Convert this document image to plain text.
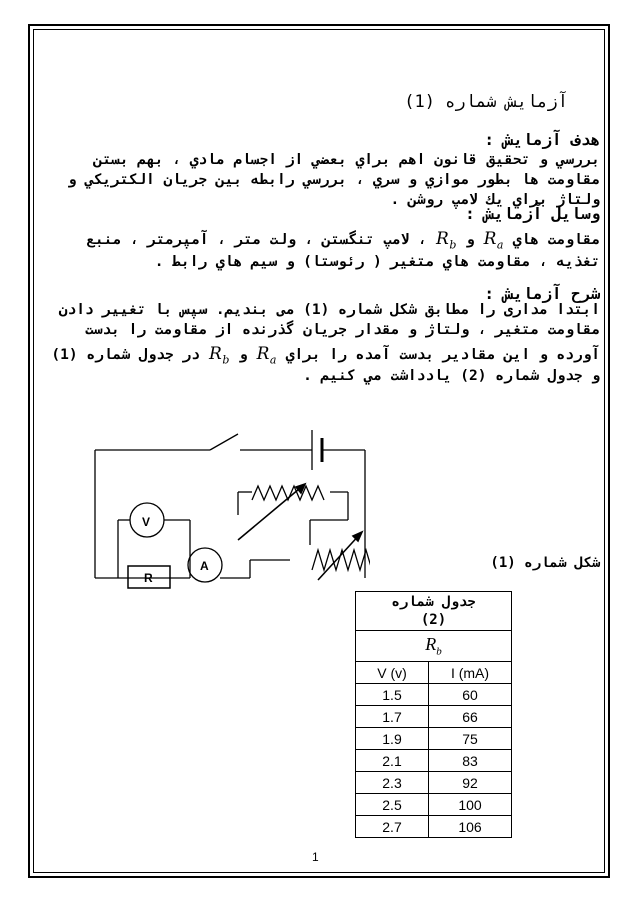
آزمايش شماره (1)
هدف آزمايش :
بررسي و تحقيق قانون اهم براي بعضي از اجسام مادي ، بهم بستن
مقاومت ها بطور موازي و سري ، بررسي رابطه بين جريان الكتريكي و
ولتاژ براي يك لامپ روشن .
وسايل آزمايش :
مقاومت هاي $R_a$ و $R_b$ ، لامپ تنگستن ، ولت متر ، آمپرمتر ، منبع
تغذيه ، مقاومت هاي متغير ( رئوستا) و سيم هاي رابط .
شرح آزمايش :
ابتدا مداری را مطابق شکل شماره (1) می بندیم. سپس با تغییر دادن
مقاومت متغير ، ولتاژ و مقدار جريان گذرنده از مقاومت را بدست
آورده و اين مقادير بدست آمده را براي $R_a$ و $R_b$ در جدول شماره (1)
و جدول شماره (2) يادداشت مي كنيم .
V
A
R
شکل شماره (1)
جدول شماره
(2)	
$R_b$
V (v)	I (mA)
1.5	60
1.7	66
1.9	75
2.1	83
2.3	92
2.5	100
2.7	106
1
